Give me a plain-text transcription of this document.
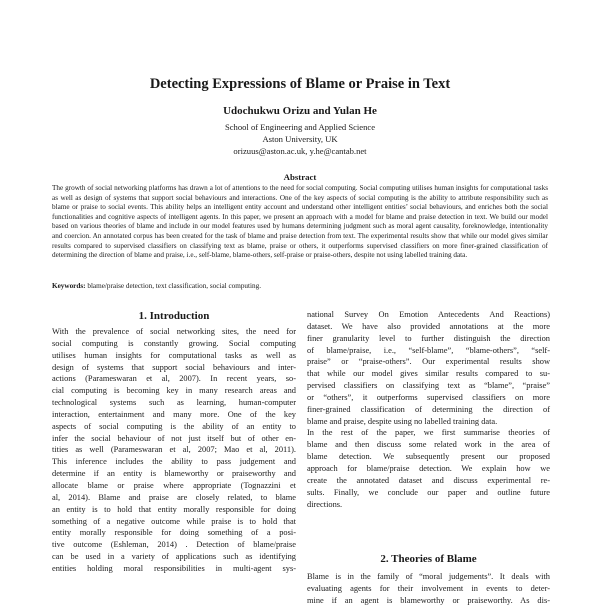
Detecting Expressions of Blame or Praise in Text
Udochukwu Orizu and Yulan He
School of Engineering and Applied Science
Aston University, UK
orizuus@aston.ac.uk, y.he@cantab.net
Abstract
The growth of social networking platforms has drawn a lot of attentions to the need for social computing. Social computing utilises human insights for computational tasks as well as design of systems that support social behaviours and interactions. One of the key aspects of social computing is the ability to attribute responsibility such as blame or praise to social events. This ability helps an intelligent entity account and understand other intelligent entities’ social behaviours, and enriches both the social functionalities and cognitive aspects of intelligent agents. In this paper, we present an approach with a model for blame and praise detection in text. We build our model based on various theories of blame and include in our model features used by humans determining judgment such as moral agent causality, foreknowledge, intentionality and coercion. An annotated corpus has been created for the task of blame and praise detection from text. The experimental results show that while our model gives similar results compared to supervised classifiers on classifying text as blame, praise or others, it outperforms supervised classifiers on more finer-grained classification of determining the direction of blame and praise, i.e., self-blame, blame-others, self-praise or praise-others, despite not using labelled training data.
Keywords: blame/praise detection, text classification, social computing.
1. Introduction
With the prevalence of social networking sites, the need for
social computing is constantly growing. Social computing
utilises human insights for computational tasks as well as
design of systems that support social behaviours and inter-
actions (Parameswaran et al, 2007). In recent years, so-
cial computing is becoming key in many research areas and
technological systems such as learning, human-computer
interaction, entertainment and many more. One of the key
aspects of social computing is the ability of an entity to
infer the social behaviour of not just itself but of other en-
tities as well (Parameswaran et al, 2007; Mao et al, 2011).
This inference includes the ability to pass judgement and
determine if an entity is blameworthy or praiseworthy and
allocate blame or praise where appropriate (Tognazzini et
al, 2014). Blame and praise are closely related, to blame
an entity is to hold that entity morally responsible for doing
something of a negative outcome while praise is to hold that
entity morally responsible for doing something of a posi-
tive outcome (Eshleman, 2014) . Detection of blame/praise
can be used in a variety of applications such as identifying
entities holding moral responsibilities in multi-agent sys-
national Survey On Emotion Antecedents And Reactions)
dataset. We have also provided annotations at the more
finer granularity level to further distinguish the direction
of blame/praise, i.e., “self-blame”, “blame-others”, “self-
praise” or “praise-others”. Our experimental results show
that while our model gives similar results compared to su-
pervised classifiers on classifying text as “blame”, “praise”
or “others”, it outperforms supervised classifiers on more
finer-grained classification of determining the direction of
blame and praise, despite using no labelled training data.
In the rest of the paper, we first summarise theories of
blame and then discuss some related work in the area of
blame detection. We subsequently present our proposed
approach for blame/praise detection. We explain how we
create the annotated dataset and discuss experimental re-
sults. Finally, we conclude our paper and outline future
directions.
2. Theories of Blame
Blame is in the family of “moral judgements”. It deals with
evaluating agents for their involvement in events to deter-
mine if an agent is blameworthy or praiseworthy. As dis-
